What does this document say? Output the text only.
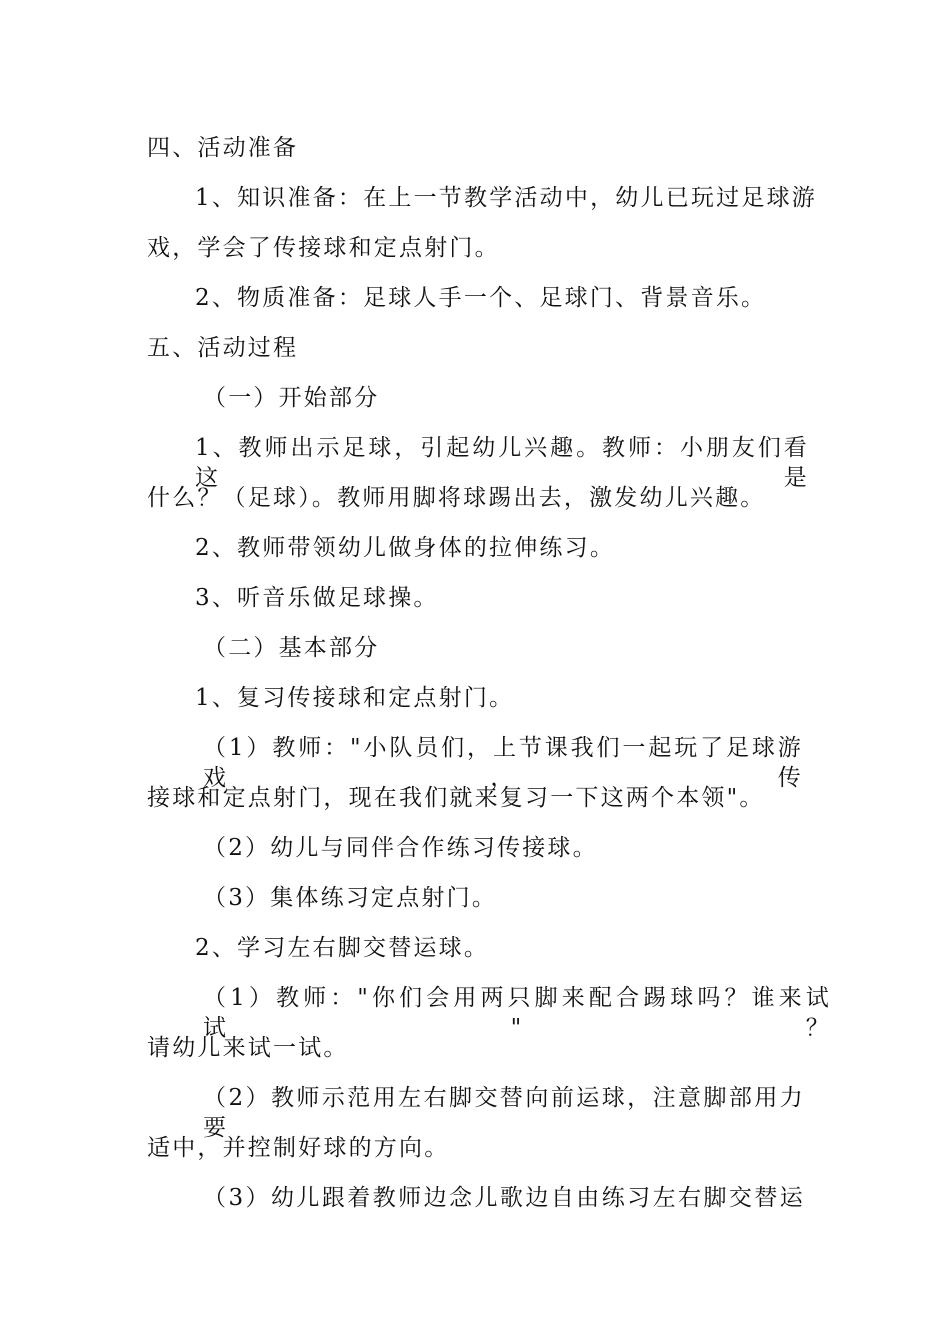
四、活动准备
1、知识准备：在上一节教学活动中，幼儿已玩过足球游
戏，学会了传接球和定点射门。
2、物质准备：足球人手一个、足球门、背景音乐。
五、活动过程
（一）开始部分
1、教师出示足球，引起幼儿兴趣。教师：小朋友们看这是
什么？（足球）。教师用脚将球踢出去，激发幼儿兴趣。
2、教师带领幼儿做身体的拉伸练习。
3、听音乐做足球操。
（二）基本部分
1、复习传接球和定点射门。
（1）教师："小队员们，上节课我们一起玩了足球游戏，传
接球和定点射门，现在我们就来复习一下这两个本领"。
（2）幼儿与同伴合作练习传接球。
（3）集体练习定点射门。
2、学习左右脚交替运球。
（1）教师："你们会用两只脚来配合踢球吗？谁来试试"？
请幼儿来试一试。
（2）教师示范用左右脚交替向前运球，注意脚部用力要
适中，并控制好球的方向。
（3）幼儿跟着教师边念儿歌边自由练习左右脚交替运
